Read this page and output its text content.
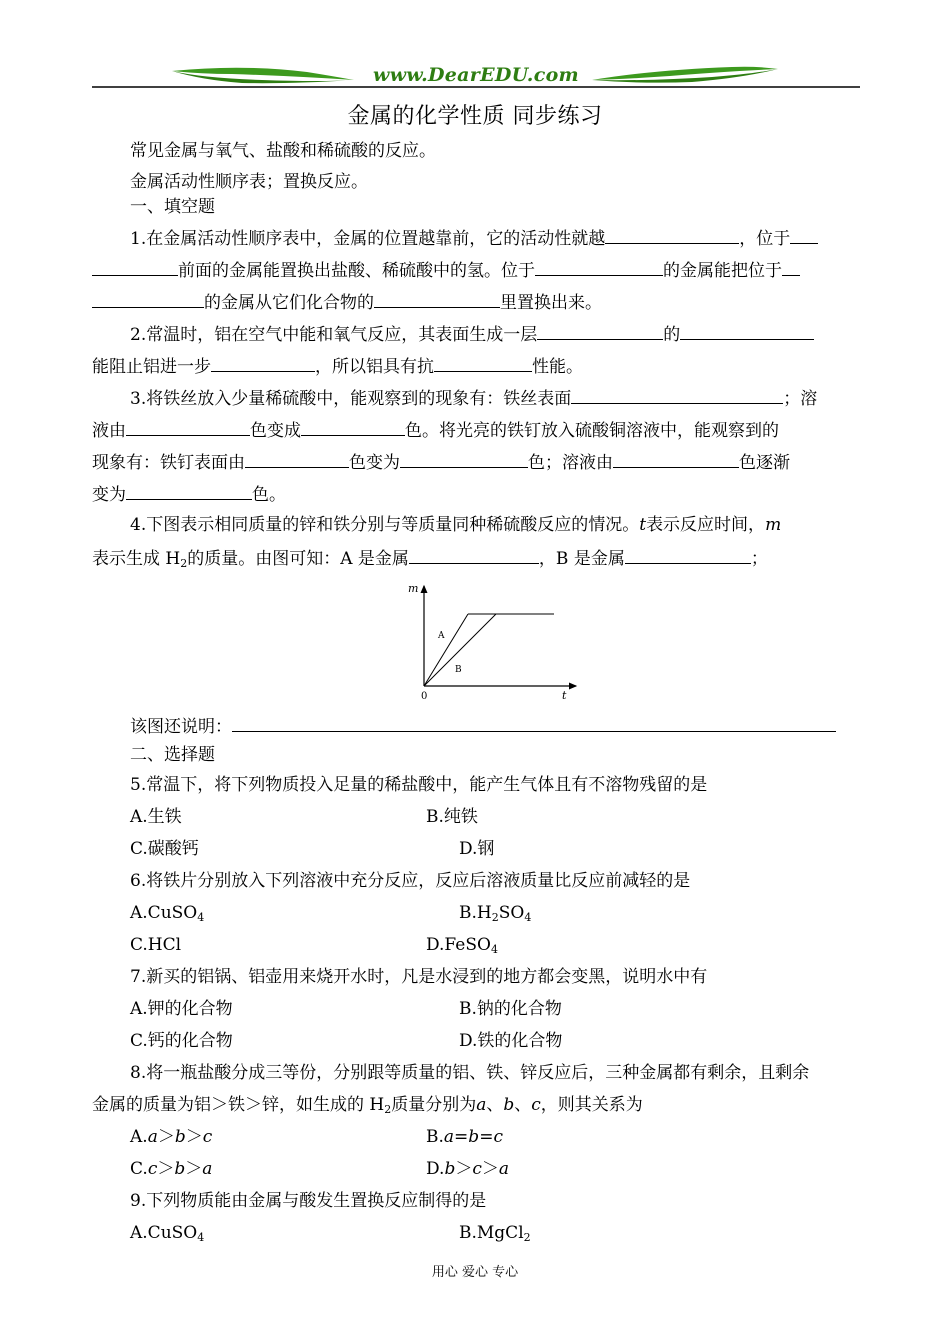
www.DearEDU.com
金属的化学性质 同步练习
常见金属与氧气、盐酸和稀硫酸的反应。
金属活动性顺序表；置换反应。
一、填空题
1.在金属活动性顺序表中，金属的位置越靠前，它的活动性就越	，位于
前面的金属能置换出盐酸、稀硫酸中的氢。位于	的金属能把位于
的金属从它们化合物的	里置换出来。
2.常温时，铝在空气中能和氧气反应，其表面生成一层	的
能阻止铝进一步	，所以铝具有抗	性能。
3.将铁丝放入少量稀硫酸中，能观察到的现象有：铁丝表面	；溶
液由	色变成	色。将光亮的铁钉放入硫酸铜溶液中，能观察到的
现象有：铁钉表面由	色变为	色；溶液由	色逐渐
变为	色。
4.下图表示相同质量的锌和铁分别与等质量同种稀硫酸反应的情况。t表示反应时间，m
表示生成 $H_2$的质量。由图可知：A 是金属	，B 是金属	；
m
t
0
A
B
该图还说明：
二、选择题
5.常温下，将下列物质投入足量的稀盐酸中，能产生气体且有不溶物残留的是
A.生铁	B.纯铁
C.碳酸钙	D.钢
6.将铁片分别放入下列溶液中充分反应，反应后溶液质量比反应前减轻的是
A.CuSO$_4$	$B.H_2SO_4$
C.HCl	D.FeSO$_4$
7.新买的铝锅、铝壶用来烧开水时，凡是水浸到的地方都会变黑，说明水中有
A.钾的化合物	B.钠的化合物
C.钙的化合物	D.铁的化合物
8.将一瓶盐酸分成三等份，分别跟等质量的铝、铁、锌反应后，三种金属都有剩余，且剩余
金属的质量为铝＞铁＞锌，如生成的 $H_2$质量分别为a、b、c，则其关系为
A.a＞b＞c	B.a=b=c
C.c＞b＞a	D.b＞c＞a
9.下列物质能由金属与酸发生置换反应制得的是
A.CuSO$_4$	B.MgCl$_2$
用心 爱心 专心
